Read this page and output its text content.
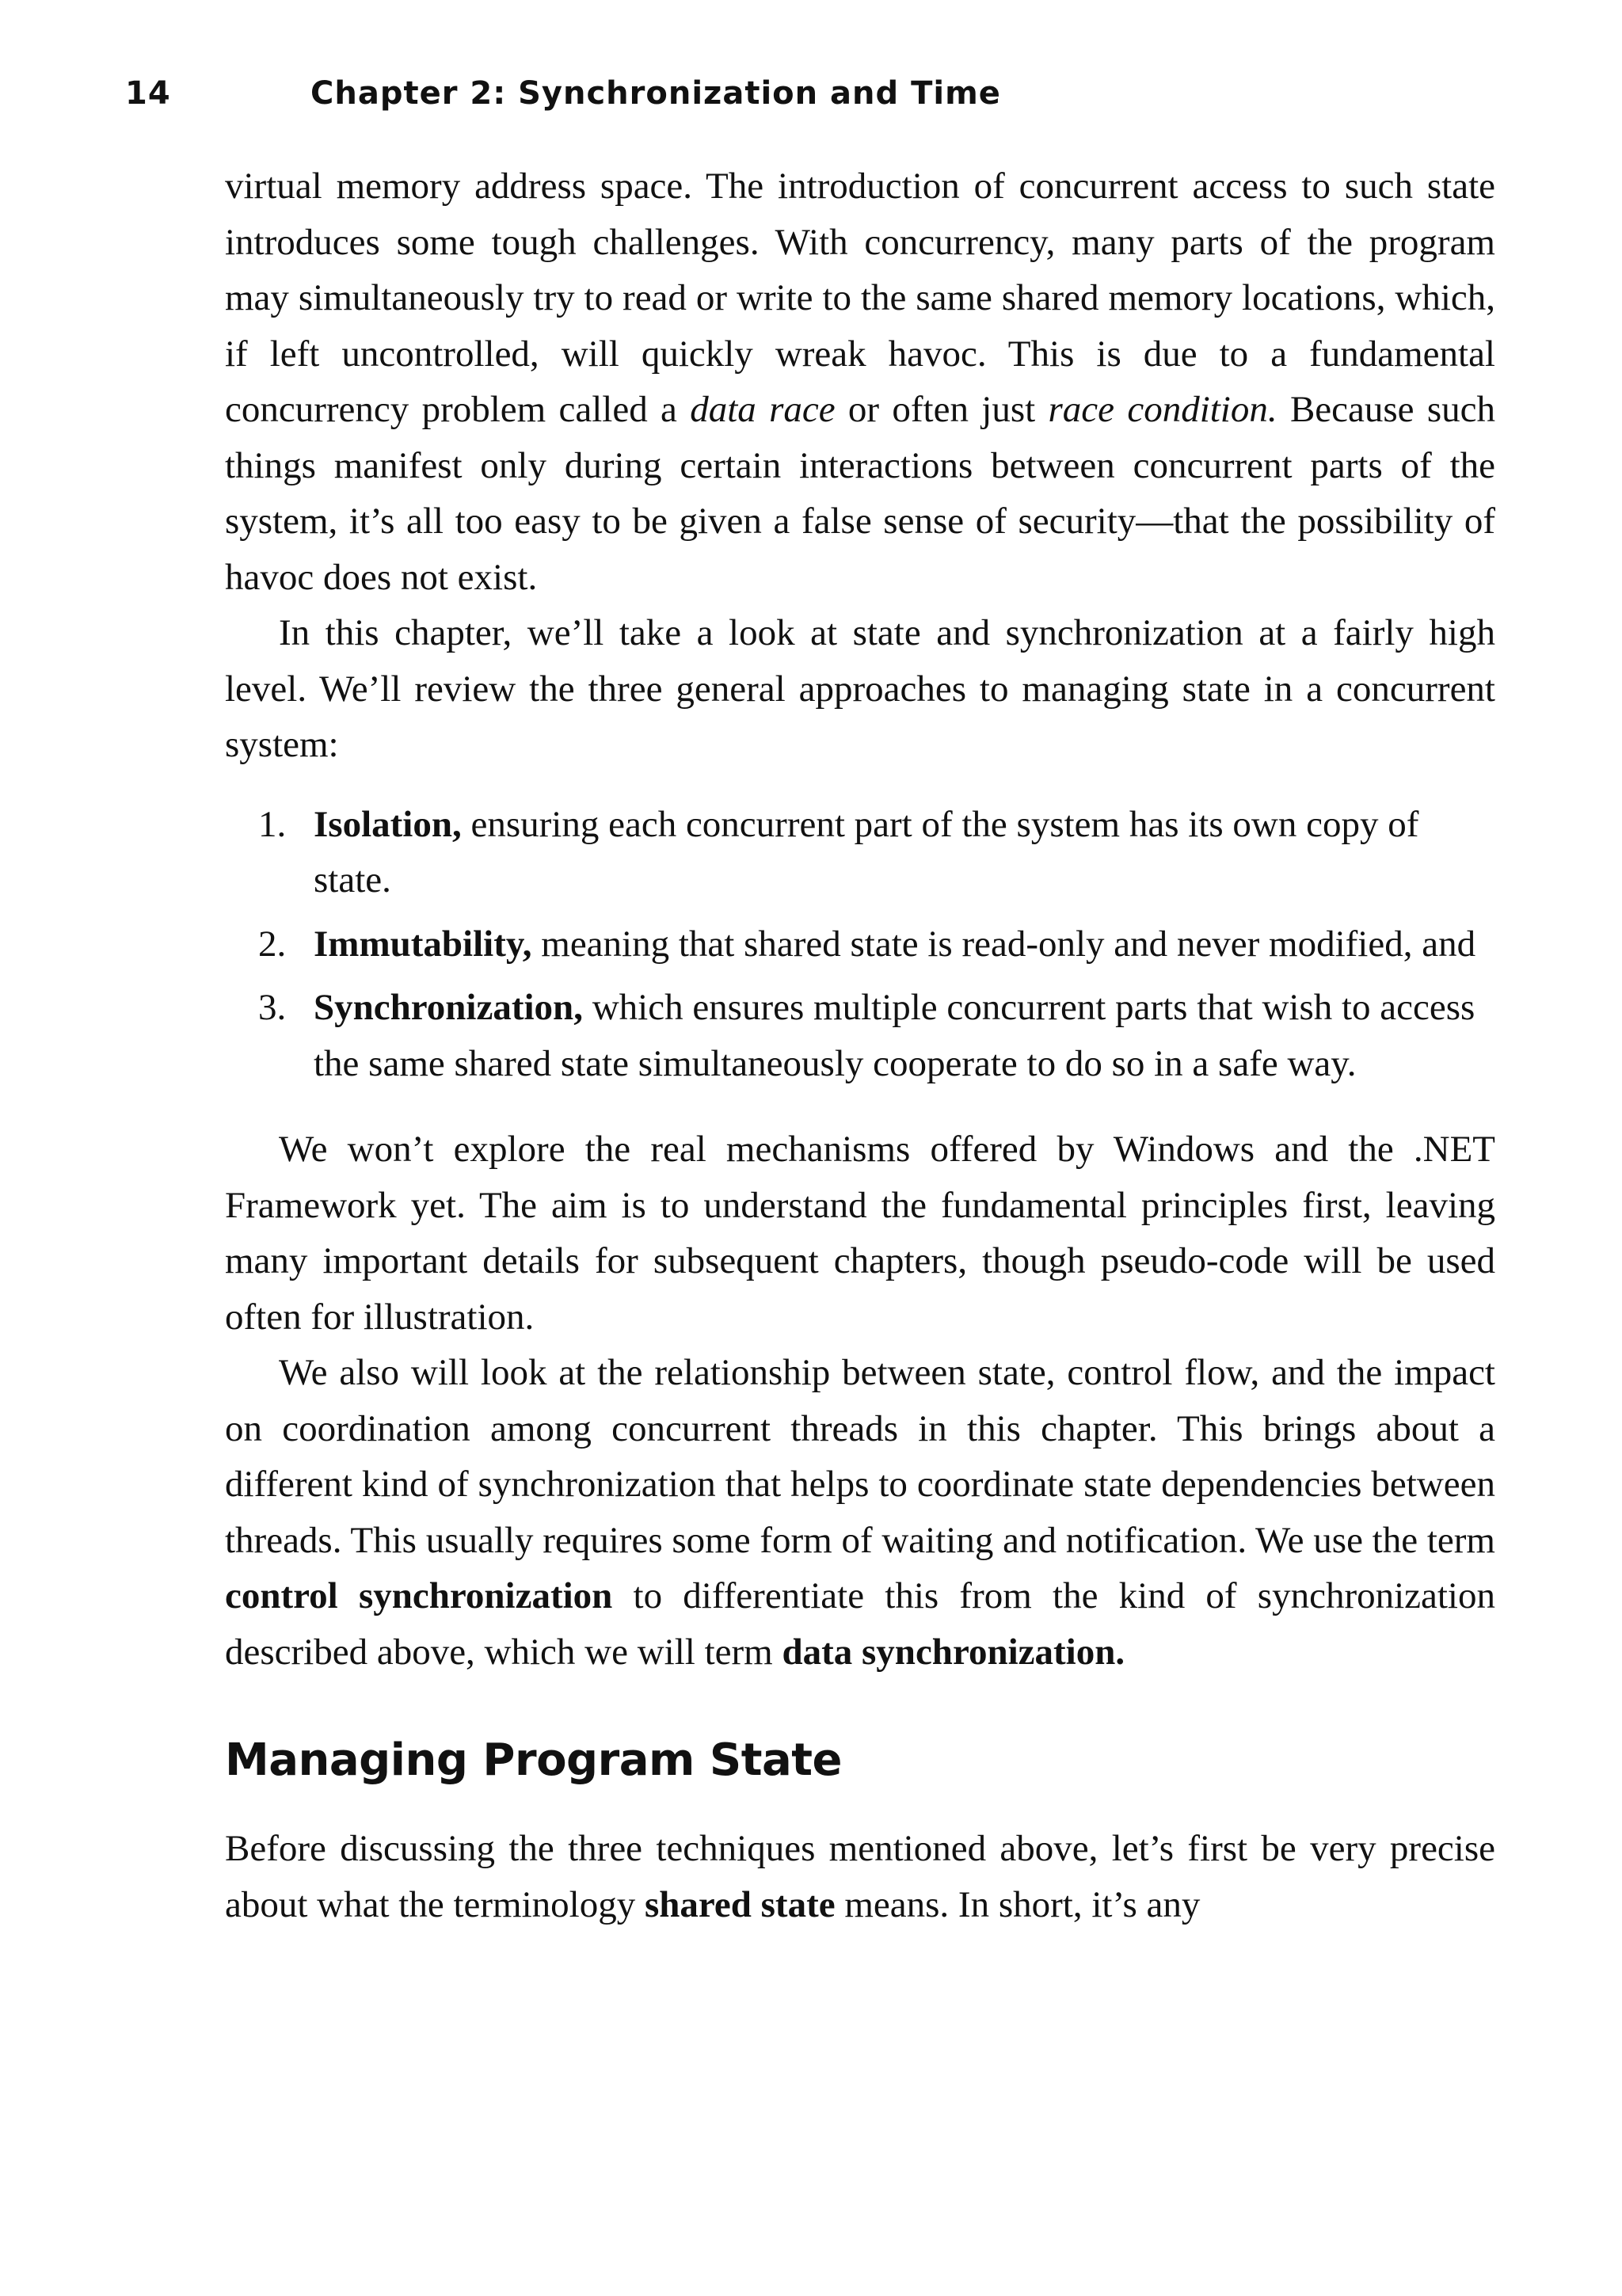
14	Chapter 2: Synchronization and Time

virtual memory address space. The introduction of concurrent access to such state introduces some tough challenges. With concurrency, many parts of the program may simultaneously try to read or write to the same shared memory locations, which, if left uncontrolled, will quickly wreak havoc. This is due to a fundamental concurrency problem called a data race or often just race condition. Because such things manifest only during certain interactions between concurrent parts of the system, it’s all too easy to be given a false sense of security—that the possibility of havoc does not exist.

In this chapter, we’ll take a look at state and synchronization at a fairly high level. We’ll review the three general approaches to managing state in a concurrent system:

1. Isolation, ensuring each concurrent part of the system has its own copy of state.
2. Immutability, meaning that shared state is read-only and never modified, and
3. Synchronization, which ensures multiple concurrent parts that wish to access the same shared state simultaneously cooperate to do so in a safe way.

We won’t explore the real mechanisms offered by Windows and the .NET Framework yet. The aim is to understand the fundamental principles first, leaving many important details for subsequent chapters, though pseudo-code will be used often for illustration.

We also will look at the relationship between state, control flow, and the impact on coordination among concurrent threads in this chapter. This brings about a different kind of synchronization that helps to coordinate state dependencies between threads. This usually requires some form of waiting and notification. We use the term control synchronization to differentiate this from the kind of synchronization described above, which we will term data synchronization.

Managing Program State

Before discussing the three techniques mentioned above, let’s first be very precise about what the terminology shared state means. In short, it’s any
